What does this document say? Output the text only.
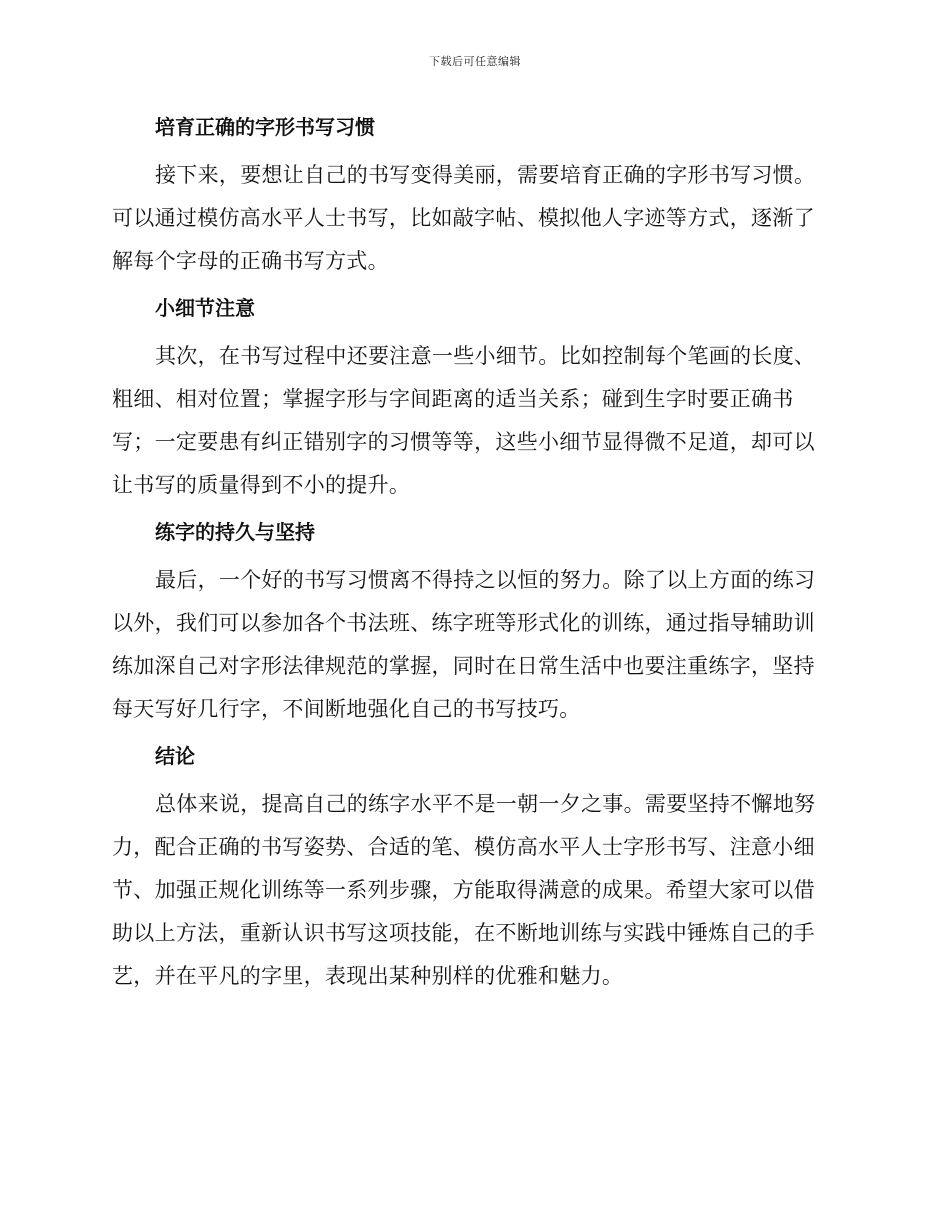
下载后可任意编辑
培育正确的字形书写习惯
接下来，要想让自己的书写变得美丽，需要培育正确的字形书写习惯。可以通过模仿高水平人士书写，比如敲字帖、模拟他人字迹等方式，逐渐了解每个字母的正确书写方式。
小细节注意
其次，在书写过程中还要注意一些小细节。比如控制每个笔画的长度、粗细、相对位置；掌握字形与字间距离的适当关系；碰到生字时要正确书写；一定要患有纠正错别字的习惯等等，这些小细节显得微不足道，却可以让书写的质量得到不小的提升。
练字的持久与坚持
最后，一个好的书写习惯离不得持之以恒的努力。除了以上方面的练习以外，我们可以参加各个书法班、练字班等形式化的训练，通过指导辅助训练加深自己对字形法律规范的掌握，同时在日常生活中也要注重练字，坚持每天写好几行字，不间断地强化自己的书写技巧。
结论
总体来说，提高自己的练字水平不是一朝一夕之事。需要坚持不懈地努力，配合正确的书写姿势、合适的笔、模仿高水平人士字形书写、注意小细节、加强正规化训练等一系列步骤，方能取得满意的成果。希望大家可以借助以上方法，重新认识书写这项技能，在不断地训练与实践中锤炼自己的手艺，并在平凡的字里，表现出某种别样的优雅和魅力。
